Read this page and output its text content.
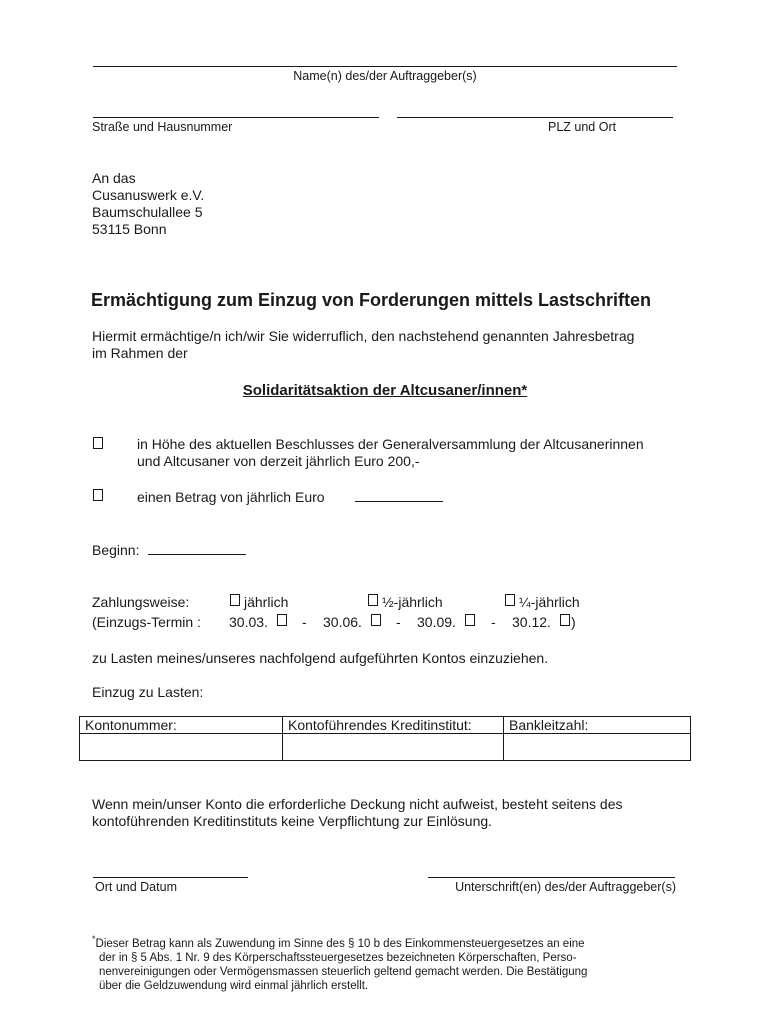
Name(n) des/der Auftraggeber(s)
Straße und Hausnummer	PLZ und Ort
An das
Cusanuswerk e.V.
Baumschulallee 5
53115 Bonn
Ermächtigung zum Einzug von Forderungen mittels Lastschriften
Hiermit ermächtige/n ich/wir Sie widerruflich, den nachstehend genannten Jahresbetrag
im Rahmen der
Solidaritätsaktion der Altcusaner/innen*
in Höhe des aktuellen Beschlusses der Generalversammlung der Altcusanerinnen
und Altcusaner von derzeit jährlich Euro 200,-
einen Betrag von jährlich Euro
Beginn:
Zahlungsweise:	jährlich	½-jährlich	¼-jährlich
(Einzugs-Termin : 30.03. - 30.06. - 30.09.	- 30.12. )
zu Lasten meines/unseres nachfolgend aufgeführten Kontos einzuziehen.
Einzug zu Lasten:
Kontonummer:	Kontoführendes Kreditinstitut:	Bankleitzahl:

Wenn mein/unser Konto die erforderliche Deckung nicht aufweist, besteht seitens des
kontoführenden Kreditinstituts keine Verpflichtung zur Einlösung.
Ort und Datum	Unterschrift(en) des/der Auftraggeber(s)
*Dieser Betrag kann als Zuwendung im Sinne des § 10 b des Einkommensteuergesetzes an eine
der in § 5 Abs. 1 Nr. 9 des Körperschaftssteuergesetzes bezeichneten Körperschaften, Perso-
nenvereinigungen oder Vermögensmassen steuerlich geltend gemacht werden. Die Bestätigung
über die Geldzuwendung wird einmal jährlich erstellt.
